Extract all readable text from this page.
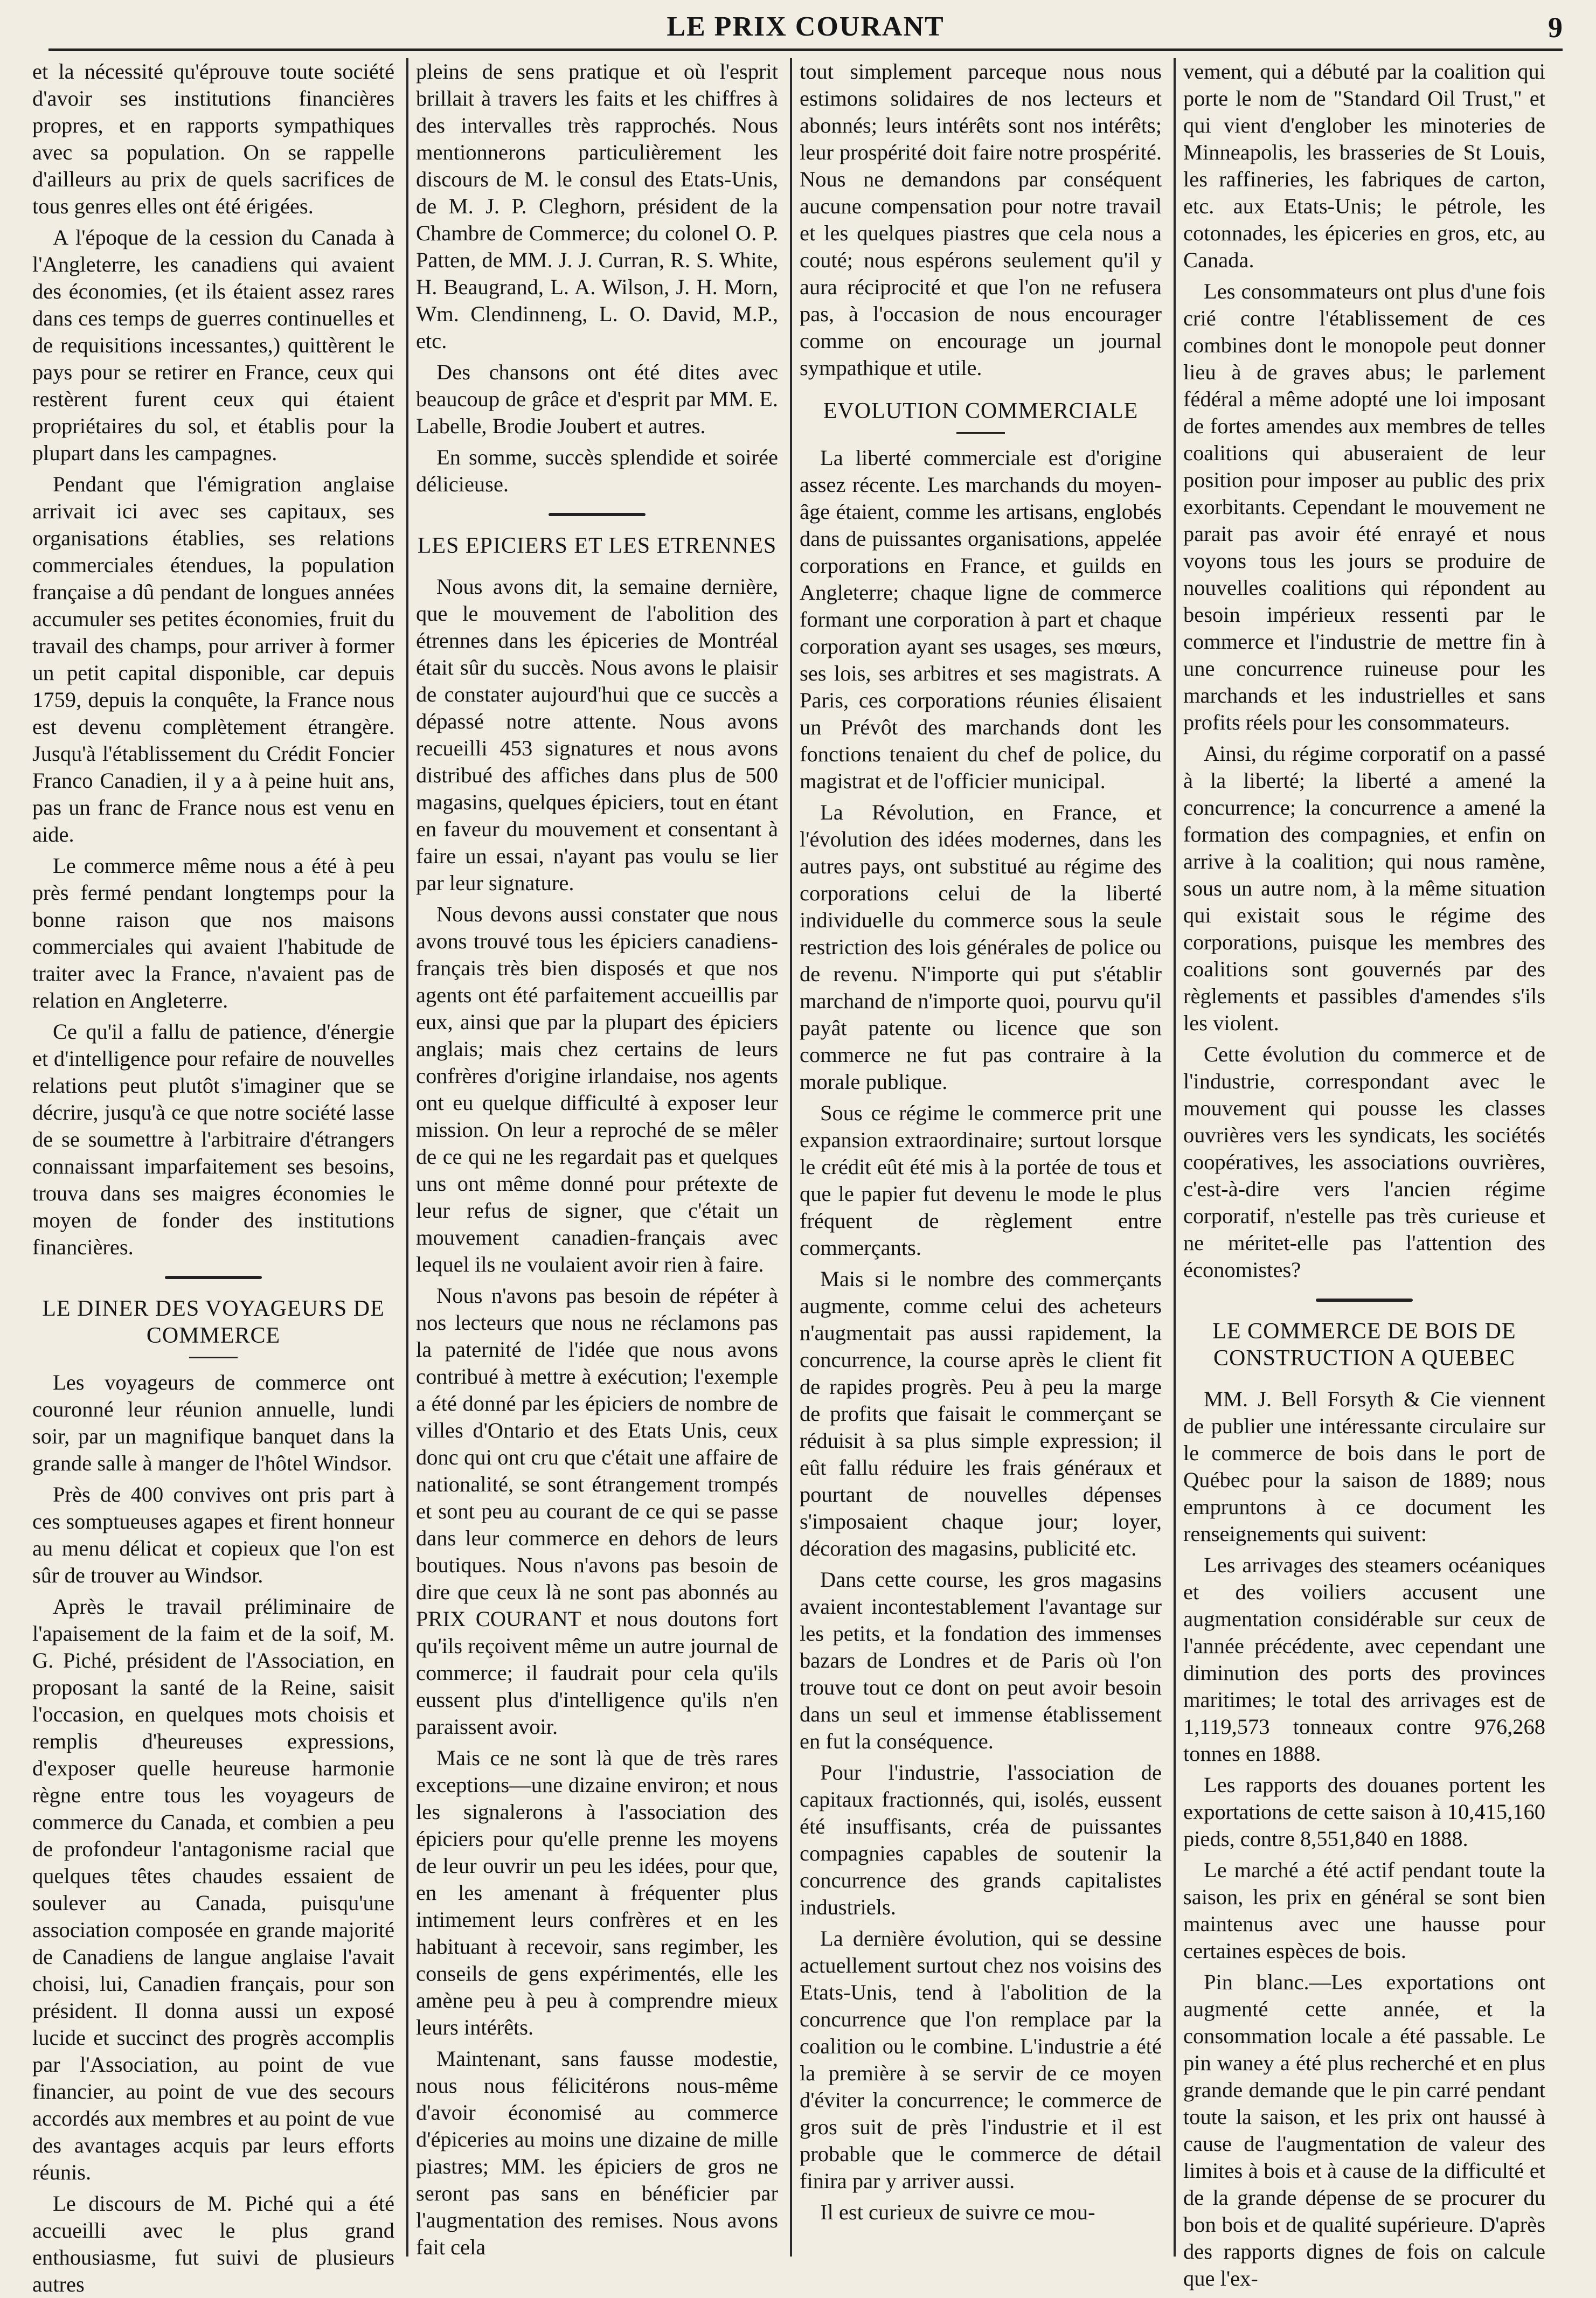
LE PRIX COURANT	9

et la nécessité qu'éprouve toute société d'avoir ses institutions financières propres, et en rapports sympathiques avec sa population. On se rappelle d'ailleurs au prix de quels sacrifices de tous genres elles ont été érigées.

A l'époque de la cession du Canada à l'Angleterre, les canadiens qui avaient des économies, (et ils étaient assez rares dans ces temps de guerres continuelles et de requisitions incessantes,) quittèrent le pays pour se retirer en France, ceux qui restèrent furent ceux qui étaient propriétaires du sol, et établis pour la plupart dans les campagnes.

Pendant que l'émigration anglaise arrivait ici avec ses capitaux, ses organisations établies, ses relations commerciales étendues, la population française a dû pendant de longues années accumuler ses petites économies, fruit du travail des champs, pour arriver à former un petit capital disponible, car depuis 1759, depuis la conquête, la France nous est devenu complètement étrangère. Jusqu'à l'établissement du Crédit Foncier Franco Canadien, il y a à peine huit ans, pas un franc de France nous est venu en aide.

Le commerce même nous a été à peu près fermé pendant longtemps pour la bonne raison que nos maisons commerciales qui avaient l'habitude de traiter avec la France, n'avaient pas de relation en Angleterre.

Ce qu'il a fallu de patience, d'énergie et d'intelligence pour refaire de nouvelles relations peut plutôt s'imaginer que se décrire, jusqu'à ce que notre société lasse de se soumettre à l'arbitraire d'étrangers connaissant imparfaitement ses besoins, trouva dans ses maigres économies le moyen de fonder des institutions financières.

LE DINER DES VOYAGEURS DE COMMERCE

Les voyageurs de commerce ont couronné leur réunion annuelle, lundi soir, par un magnifique banquet dans la grande salle à manger de l'hôtel Windsor.

Près de 400 convives ont pris part à ces somptueuses agapes et firent honneur au menu délicat et copieux que l'on est sûr de trouver au Windsor.

Après le travail préliminaire de l'apaisement de la faim et de la soif, M. G. Piché, président de l'Association, en proposant la santé de la Reine, saisit l'occasion, en quelques mots choisis et remplis d'heureuses expressions, d'exposer quelle heureuse harmonie règne entre tous les voyageurs de commerce du Canada, et combien a peu de profondeur l'antagonisme racial que quelques têtes chaudes essaient de soulever au Canada, puisqu'une association composée en grande majorité de Canadiens de langue anglaise l'avait choisi, lui, Canadien français, pour son président. Il donna aussi un exposé lucide et succinct des progrès accomplis par l'Association, au point de vue financier, au point de vue des secours accordés aux membres et au point de vue des avantages acquis par leurs efforts réunis.

Le discours de M. Piché qui a été accueilli avec le plus grand enthousiasme, fut suivi de plusieurs autres

pleins de sens pratique et où l'esprit brillait à travers les faits et les chiffres à des intervalles très rapprochés. Nous mentionnerons particulièrement les discours de M. le consul des Etats-Unis, de M. J. P. Cleghorn, président de la Chambre de Commerce; du colonel O. P. Patten, de MM. J. J. Curran, R. S. White, H. Beaugrand, L. A. Wilson, J. H. Morn, Wm. Clendinneng, L. O. David, M.P., etc.

Des chansons ont été dites avec beaucoup de grâce et d'esprit par MM. E. Labelle, Brodie Joubert et autres.

En somme, succès splendide et soirée délicieuse.

LES EPICIERS ET LES ETRENNES

Nous avons dit, la semaine dernière, que le mouvement de l'abolition des étrennes dans les épiceries de Montréal était sûr du succès. Nous avons le plaisir de constater aujourd'hui que ce succès a dépassé notre attente. Nous avons recueilli 453 signatures et nous avons distribué des affiches dans plus de 500 magasins, quelques épiciers, tout en étant en faveur du mouvement et consentant à faire un essai, n'ayant pas voulu se lier par leur signature.

Nous devons aussi constater que nous avons trouvé tous les épiciers canadiens-français très bien disposés et que nos agents ont été parfaitement accueillis par eux, ainsi que par la plupart des épiciers anglais; mais chez certains de leurs confrères d'origine irlandaise, nos agents ont eu quelque difficulté à exposer leur mission. On leur a reproché de se mêler de ce qui ne les regardait pas et quelques uns ont même donné pour prétexte de leur refus de signer, que c'était un mouvement canadien-français avec lequel ils ne voulaient avoir rien à faire.

Nous n'avons pas besoin de répéter à nos lecteurs que nous ne réclamons pas la paternité de l'idée que nous avons contribué à mettre à exécution; l'exemple a été donné par les épiciers de nombre de villes d'Ontario et des Etats Unis, ceux donc qui ont cru que c'était une affaire de nationalité, se sont étrangement trompés et sont peu au courant de ce qui se passe dans leur commerce en dehors de leurs boutiques. Nous n'avons pas besoin de dire que ceux là ne sont pas abonnés au PRIX COURANT et nous doutons fort qu'ils reçoivent même un autre journal de commerce; il faudrait pour cela qu'ils eussent plus d'intelligence qu'ils n'en paraissent avoir.

Mais ce ne sont là que de très rares exceptions—une dizaine environ; et nous les signalerons à l'association des épiciers pour qu'elle prenne les moyens de leur ouvrir un peu les idées, pour que, en les amenant à fréquenter plus intimement leurs confrères et en les habituant à recevoir, sans regimber, les conseils de gens expérimentés, elle les amène peu à peu à comprendre mieux leurs intérêts.

Maintenant, sans fausse modestie, nous nous félicitérons nous-même d'avoir économisé au commerce d'épiceries au moins une dizaine de mille piastres; MM. les épiciers de gros ne seront pas sans en bénéficier par l'augmentation des remises. Nous avons fait cela

tout simplement parceque nous nous estimons solidaires de nos lecteurs et abonnés; leurs intérêts sont nos intérêts; leur prospérité doit faire notre prospérité. Nous ne demandons par conséquent aucune compensation pour notre travail et les quelques piastres que cela nous a couté; nous espérons seulement qu'il y aura réciprocité et que l'on ne refusera pas, à l'occasion de nous encourager comme on encourage un journal sympathique et utile.

EVOLUTION COMMERCIALE

La liberté commerciale est d'origine assez récente. Les marchands du moyen-âge étaient, comme les artisans, englobés dans de puissantes organisations, appelée corporations en France, et guilds en Angleterre; chaque ligne de commerce formant une corporation à part et chaque corporation ayant ses usages, ses mœurs, ses lois, ses arbitres et ses magistrats. A Paris, ces corporations réunies élisaient un Prévôt des marchands dont les fonctions tenaient du chef de police, du magistrat et de l'officier municipal.

La Révolution, en France, et l'évolution des idées modernes, dans les autres pays, ont substitué au régime des corporations celui de la liberté individuelle du commerce sous la seule restriction des lois générales de police ou de revenu. N'importe qui put s'établir marchand de n'importe quoi, pourvu qu'il payât patente ou licence que son commerce ne fut pas contraire à la morale publique.

Sous ce régime le commerce prit une expansion extraordinaire; surtout lorsque le crédit eût été mis à la portée de tous et que le papier fut devenu le mode le plus fréquent de règlement entre commerçants.

Mais si le nombre des commerçants augmente, comme celui des acheteurs n'augmentait pas aussi rapidement, la concurrence, la course après le client fit de rapides progrès. Peu à peu la marge de profits que faisait le commerçant se réduisit à sa plus simple expression; il eût fallu réduire les frais généraux et pourtant de nouvelles dépenses s'imposaient chaque jour; loyer, décoration des magasins, publicité etc.

Dans cette course, les gros magasins avaient incontestablement l'avantage sur les petits, et la fondation des immenses bazars de Londres et de Paris où l'on trouve tout ce dont on peut avoir besoin dans un seul et immense établissement en fut la conséquence.

Pour l'industrie, l'association de capitaux fractionnés, qui, isolés, eussent été insuffisants, créa de puissantes compagnies capables de soutenir la concurrence des grands capitalistes industriels.

La dernière évolution, qui se dessine actuellement surtout chez nos voisins des Etats-Unis, tend à l'abolition de la concurrence que l'on remplace par la coalition ou le combine. L'industrie a été la première à se servir de ce moyen d'éviter la concurrence; le commerce de gros suit de près l'industrie et il est probable que le commerce de détail finira par y arriver aussi.

Il est curieux de suivre ce mou-

vement, qui a débuté par la coalition qui porte le nom de "Standard Oil Trust," et qui vient d'englober les minoteries de Minneapolis, les brasseries de St Louis, les raffineries, les fabriques de carton, etc. aux Etats-Unis; le pétrole, les cotonnades, les épiceries en gros, etc, au Canada.

Les consommateurs ont plus d'une fois crié contre l'établissement de ces combines dont le monopole peut donner lieu à de graves abus; le parlement fédéral a même adopté une loi imposant de fortes amendes aux membres de telles coalitions qui abuseraient de leur position pour imposer au public des prix exorbitants. Cependant le mouvement ne parait pas avoir été enrayé et nous voyons tous les jours se produire de nouvelles coalitions qui répondent au besoin impérieux ressenti par le commerce et l'industrie de mettre fin à une concurrence ruineuse pour les marchands et les industrielles et sans profits réels pour les consommateurs.

Ainsi, du régime corporatif on a passé à la liberté; la liberté a amené la concurrence; la concurrence a amené la formation des compagnies, et enfin on arrive à la coalition; qui nous ramène, sous un autre nom, à la même situation qui existait sous le régime des corporations, puisque les membres des coalitions sont gouvernés par des règlements et passibles d'amendes s'ils les violent.

Cette évolution du commerce et de l'industrie, correspondant avec le mouvement qui pousse les classes ouvrières vers les syndicats, les sociétés coopératives, les associations ouvrières, c'est-à-dire vers l'ancien régime corporatif, n'estelle pas très curieuse et ne méritet-elle pas l'attention des économistes?

LE COMMERCE DE BOIS DE CONSTRUCTION A QUEBEC

MM. J. Bell Forsyth & Cie viennent de publier une intéressante circulaire sur le commerce de bois dans le port de Québec pour la saison de 1889; nous empruntons à ce document les renseignements qui suivent:

Les arrivages des steamers océaniques et des voiliers accusent une augmentation considérable sur ceux de l'année précédente, avec cependant une diminution des ports des provinces maritimes; le total des arrivages est de 1,119,573 tonneaux contre 976,268 tonnes en 1888.

Les rapports des douanes portent les exportations de cette saison à 10,415,160 pieds, contre 8,551,840 en 1888.

Le marché a été actif pendant toute la saison, les prix en général se sont bien maintenus avec une hausse pour certaines espèces de bois.

Pin blanc.—Les exportations ont augmenté cette année, et la consommation locale a été passable. Le pin waney a été plus recherché et en plus grande demande que le pin carré pendant toute la saison, et les prix ont haussé à cause de l'augmentation de valeur des limites à bois et à cause de la difficulté et de la grande dépense de se procurer du bon bois et de qualité supérieure. D'après des rapports dignes de fois on calcule que l'ex-
